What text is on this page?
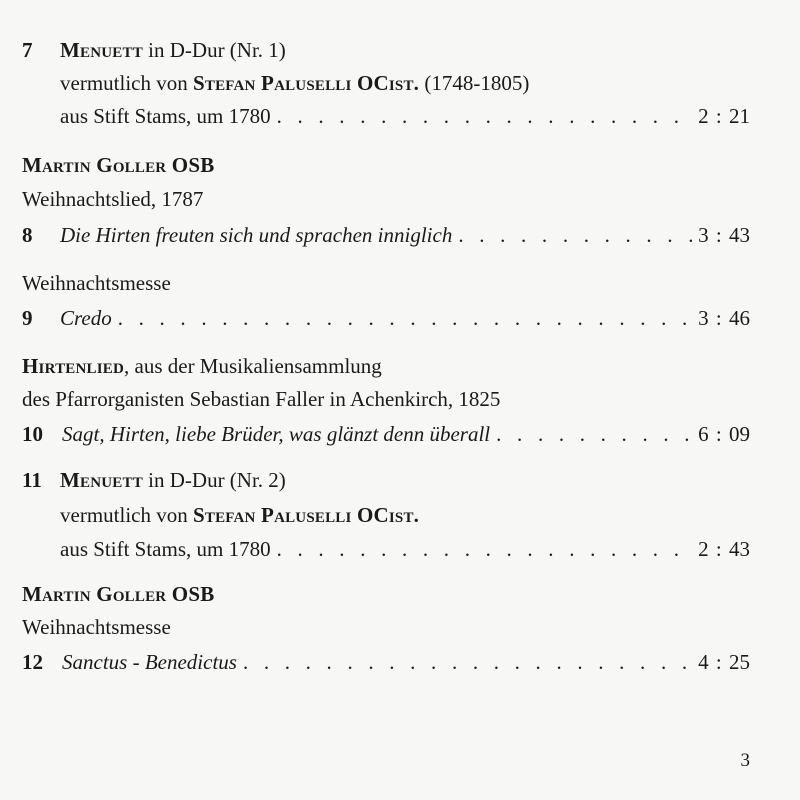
7 Menuett in D-Dur (Nr. 1)
vermutlich von Stefan Paluselli OCist. (1748-1805)
aus Stift Stams, um 1780 . . .	2 : 21
Martin Goller OSB
Weihnachtslied, 1787
8 Die Hirten freuten sich und sprachen inniglich . . .	3 : 43
Weihnachtsmesse
9 Credo . . .	3 : 46
Hirtenlied, aus der Musikaliensammlung
des Pfarrorganisten Sebastian Faller in Achenkirch, 1825
10 Sagt, Hirten, liebe Brüder, was glänzt denn überall . . .	6 : 09
11 Menuett in D-Dur (Nr. 2)
vermutlich von Stefan Paluselli OCist.
aus Stift Stams, um 1780 . . .	2 : 43
Martin Goller OSB
Weihnachtsmesse
12 Sanctus - Benedictus . . .	4 : 25
3
